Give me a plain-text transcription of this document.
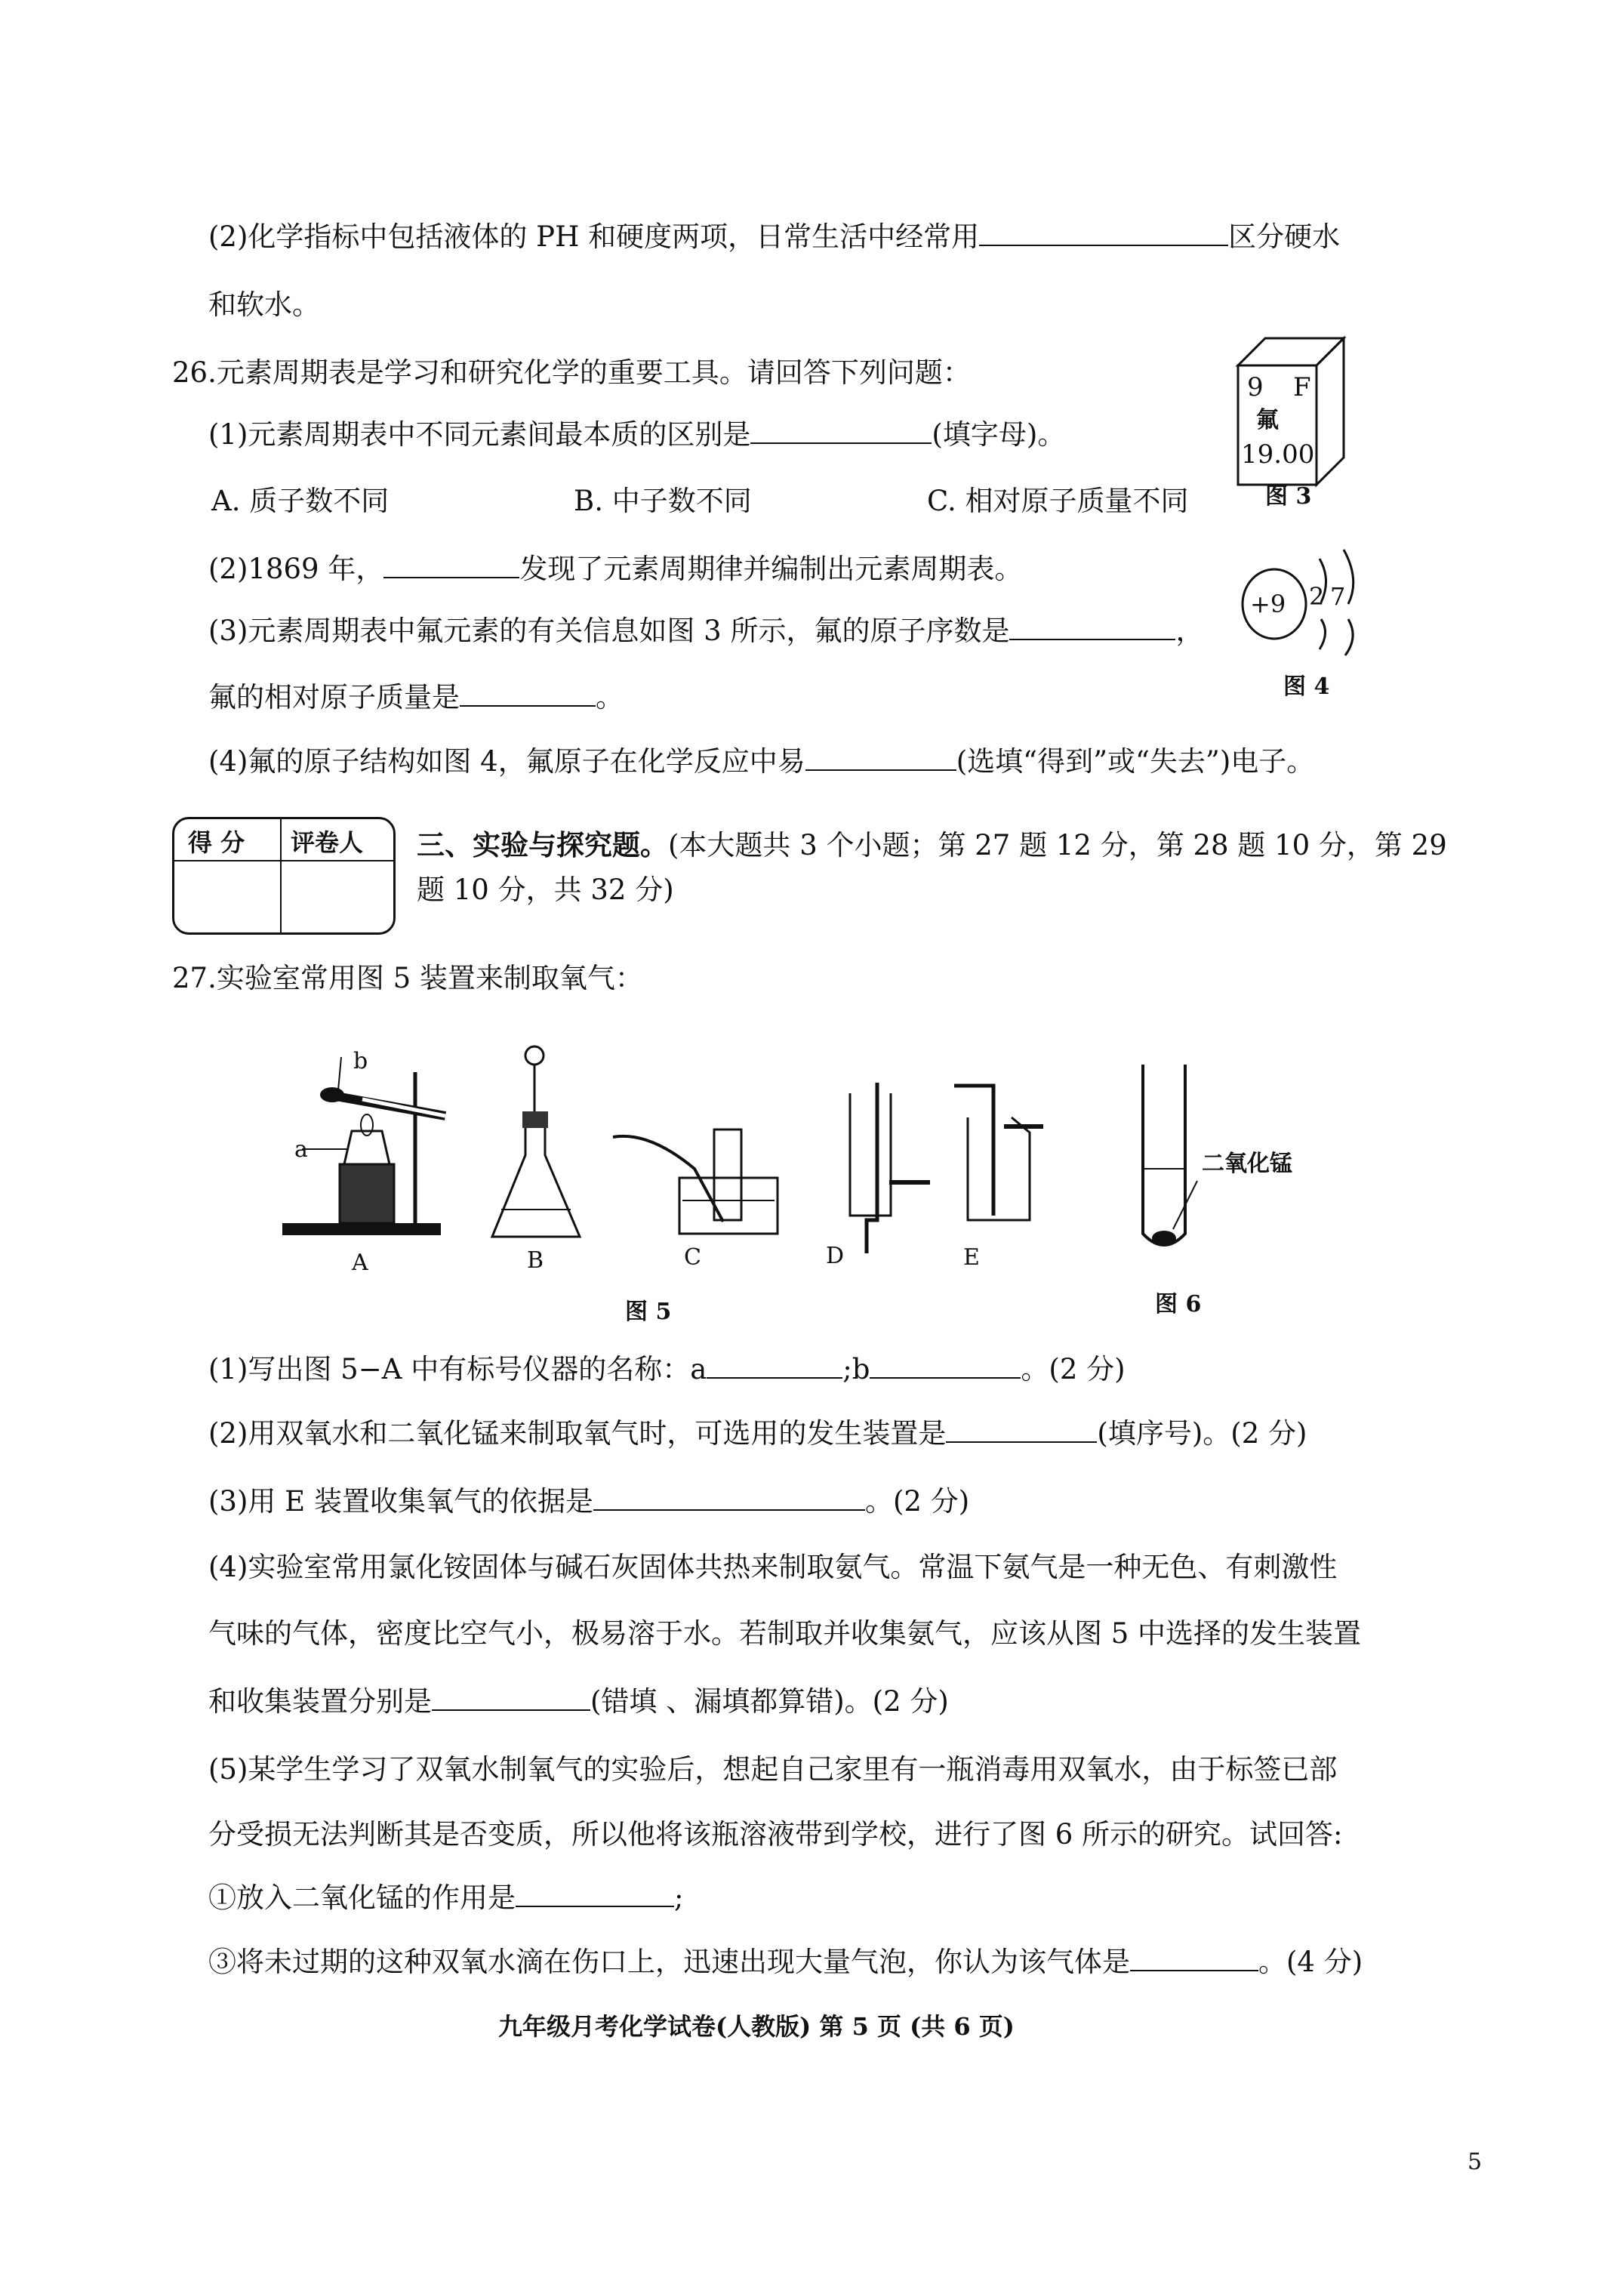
(2)化学指标中包括液体的 PH 和硬度两项，日常生活中经常用	区分硬水
和软水。
26.元素周期表是学习和研究化学的重要工具。请回答下列问题：
(1)元素周期表中不同元素间最本质的区别是	(填字母)。
A. 质子数不同	B. 中子数不同	C. 相对原子质量不同
(2)1869 年，	发现了元素周期律并编制出元素周期表。
(3)元素周期表中氟元素的有关信息如图 3 所示，氟的原子序数是	，
氟的相对原子质量是	。
(4)氟的原子结构如图 4，氟原子在化学反应中易	(选填“得到”或“失去”)电子。
9 F
氟
19.00
图 3
+9 2 7
图 4
得 分 评卷人 三、实验与探究题。(本大题共 3 个小题；第 27 题 12 分，第 28 题 10 分，第 29
题 10 分，共 32 分)
27.实验室常用图 5 装置来制取氧气：
b
a
A	B	C	D	E
图 5
二氧化锰
图 6
(1)写出图 5−A 中有标号仪器的名称：a	;b	。(2 分)
(2)用双氧水和二氧化锰来制取氧气时，可选用的发生装置是	(填序号)。(2 分)
(3)用 E 装置收集氧气的依据是	。(2 分)
(4)实验室常用氯化铵固体与碱石灰固体共热来制取氨气。常温下氨气是一种无色、有刺激性
气味的气体，密度比空气小，极易溶于水。若制取并收集氨气，应该从图 5 中选择的发生装置
和收集装置分别是	(错填 、漏填都算错)。(2 分)
(5)某学生学习了双氧水制氧气的实验后，想起自己家里有一瓶消毒用双氧水，由于标签已部
分受损无法判断其是否变质，所以他将该瓶溶液带到学校，进行了图 6 所示的研究。试回答:
①放入二氧化锰的作用是	;
③将未过期的这种双氧水滴在伤口上，迅速出现大量气泡，你认为该气体是	。(4 分)
九年级月考化学试卷(人教版) 第 5 页 (共 6 页)
5
